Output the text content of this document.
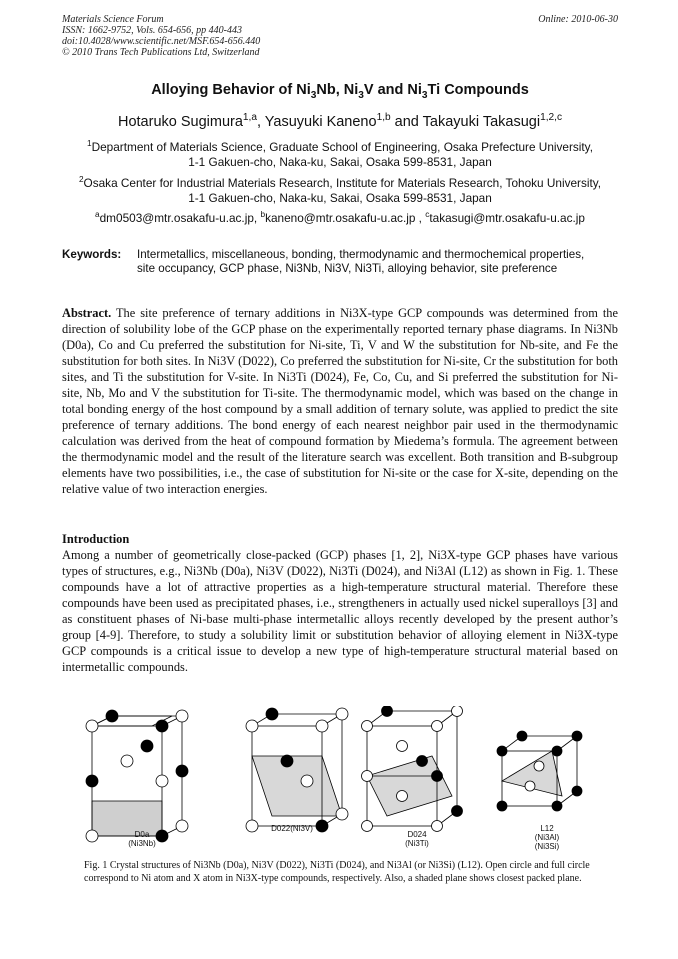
Materials Science Forum
ISSN: 1662-9752, Vols. 654-656, pp 440-443
doi:10.4028/www.scientific.net/MSF.654-656.440
© 2010 Trans Tech Publications Ltd, Switzerland
Online: 2010-06-30
Alloying Behavior of $Ni_3Nb$, $Ni_3V$ and $Ni_3Ti$ Compounds
Hotaruko Sugimura$^{1,a}$, Yasuyuki Kaneno$^{1,b}$ and Takayuki Takasugi$^{1,2,c}$
$^1$Department of Materials Science, Graduate School of Engineering, Osaka Prefecture University,
1-1 Gakuen-cho, Naka-ku, Sakai, Osaka 599-8531, Japan
$^2$Osaka Center for Industrial Materials Research, Institute for Materials Research, Tohoku University,
1-1 Gakuen-cho, Naka-ku, Sakai, Osaka 599-8531, Japan
$^a$dm0503@mtr.osakafu-u.ac.jp, $^b$kaneno@mtr.osakafu-u.ac.jp , $^c$takasugi@mtr.osakafu-u.ac.jp
Keywords: Intermetallics, miscellaneous, bonding, thermodynamic and thermochemical properties, site occupancy, GCP phase, Ni3Nb, Ni3V, Ni3Ti, alloying behavior, site preference
Abstract. The site preference of ternary additions in Ni3X-type GCP compounds was determined from the direction of solubility lobe of the GCP phase on the experimentally reported ternary phase diagrams. In Ni3Nb (D0a), Co and Cu preferred the substitution for Ni-site, Ti, V and W the substitution for Nb-site, and Fe the substitution for both sites. In Ni3V (D022), Co preferred the substitution for Ni-site, Cr the substitution for both sites, and Ti the substitution for V-site. In Ni3Ti (D024), Fe, Co, Cu, and Si preferred the substitution for Ni-site, Nb, Mo and V the substitution for Ti-site. The thermodynamic model, which was based on the change in total bonding energy of the host compound by a small addition of ternary solute, was applied to predict the site preference of ternary additions. The bond energy of each nearest neighbor pair used in the thermodynamic calculation was derived from the heat of compound formation by Miedema’s formula. The agreement between the thermodynamic model and the result of the literature search was excellent. Both transition and B-subgroup elements have two possibilities, i.e., the case of substitution for Ni-site or the case for X-site, depending on the relative value of two interaction energies.
Introduction
Among a number of geometrically close-packed (GCP) phases [1, 2], Ni3X-type GCP phases have various types of structures, e.g., Ni3Nb (D0a), Ni3V (D022), Ni3Ti (D024), and Ni3Al (L12) as shown in Fig. 1. These compounds have a lot of attractive properties as a high-temperature structural material. Therefore these compounds have been used as precipitated phases, i.e., strengtheners in actually used nickel superalloys [3] and as constituent phases of Ni-base multi-phase intermetallic alloys recently developed by the present author’s group [4-9]. Therefore, to study a solubility limit or substitution behavior of alloying element in Ni3X-type GCP compounds is a critical issue to develop a new type of high-temperature structural material based on intermetallic compounds.
D0a
(Ni3Nb)
D022(Ni3V)
D024
(Ni3Ti)
L12
(Ni3Al)
(Ni3Si)
Fig. 1 Crystal structures of Ni3Nb (D0a), Ni3V (D022), Ni3Ti (D024), and Ni3Al (or Ni3Si) (L12). Open circle and full circle correspond to Ni atom and X atom in Ni3X-type compounds, respectively. Also, a shaded plane shows closest packed plane.
